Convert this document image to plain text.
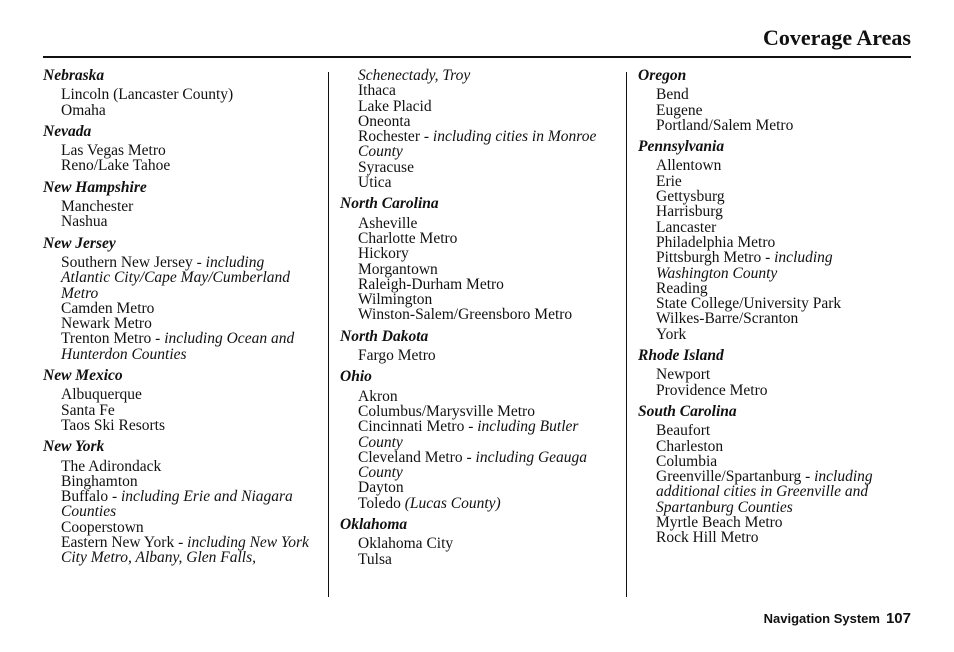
Coverage Areas
Nebraska
Lincoln (Lancaster County)
Omaha
Nevada
Las Vegas Metro
Reno/Lake Tahoe
New Hampshire
Manchester
Nashua
New Jersey
Southern New Jersey - including Atlantic City/Cape May/Cumberland Metro
Camden Metro
Newark Metro
Trenton Metro - including Ocean and Hunterdon Counties
New Mexico
Albuquerque
Santa Fe
Taos Ski Resorts
New York
The Adirondack
Binghamton
Buffalo - including Erie and Niagara Counties
Cooperstown
Eastern New York - including New York City Metro, Albany, Glen Falls,
Schenectady, Troy
Ithaca
Lake Placid
Oneonta
Rochester - including cities in Monroe County
Syracuse
Utica
North Carolina
Asheville
Charlotte Metro
Hickory
Morgantown
Raleigh-Durham Metro
Wilmington
Winston-Salem/Greensboro Metro
North Dakota
Fargo Metro
Ohio
Akron
Columbus/Marysville Metro
Cincinnati Metro - including Butler County
Cleveland Metro - including Geauga County
Dayton
Toledo (Lucas County)
Oklahoma
Oklahoma City
Tulsa
Oregon
Bend
Eugene
Portland/Salem Metro
Pennsylvania
Allentown
Erie
Gettysburg
Harrisburg
Lancaster
Philadelphia Metro
Pittsburgh Metro - including Washington County
Reading
State College/University Park
Wilkes-Barre/Scranton
York
Rhode Island
Newport
Providence Metro
South Carolina
Beaufort
Charleston
Columbia
Greenville/Spartanburg - including additional cities in Greenville and Spartanburg Counties
Myrtle Beach Metro
Rock Hill Metro
Navigation System 107
